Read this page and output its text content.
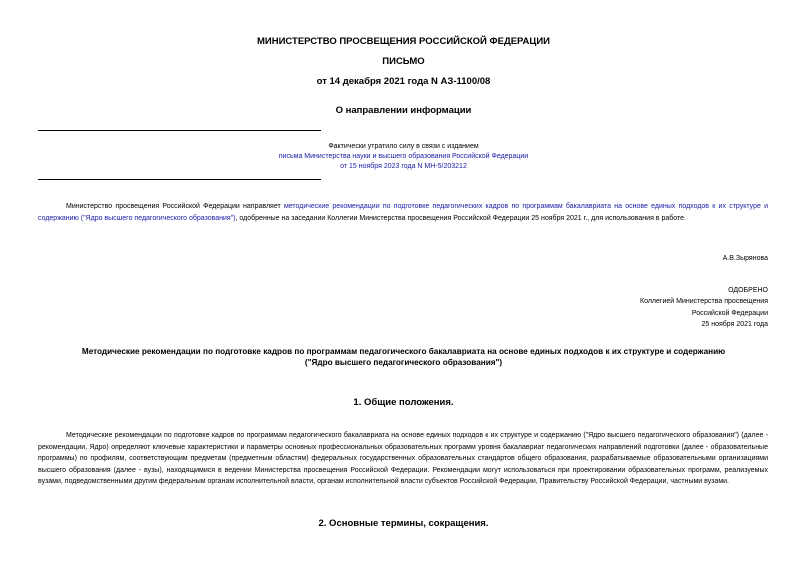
МИНИСТЕРСТВО ПРОСВЕЩЕНИЯ РОССИЙСКОЙ ФЕДЕРАЦИИ
ПИСЬМО
от 14 декабря 2021 года N АЗ-1100/08
О направлении информации
Фактически утратило силу в связи с изданием
письма Министерства науки и высшего образования Российской Федерации
от 15 ноября 2023 года N МН-5/203212
Министерство просвещения Российской Федерации направляет методические рекомендации по подготовке педагогических кадров по программам бакалавриата на основе единых подходов к их структуре и содержанию ("Ядро высшего педагогического образования"), одобренные на заседании Коллегии Министерства просвещения Российской Федерации 25 ноября 2021 г., для использования в работе.
А.В.Зырянова
ОДОБРЕНО
Коллегией Министерства просвещения
Российской Федерации
25 ноября 2021 года
Методические рекомендации по подготовке кадров по программам педагогического бакалавриата на основе единых подходов к их структуре и содержанию
("Ядро высшего педагогического образования")
1. Общие положения.
Методические рекомендации по подготовке кадров по программам педагогического бакалавриата на основе единых подходов к их структуре и содержанию ("Ядро высшего педагогического образования") (далее - рекомендации, Ядро) определяют ключевые характеристики и параметры основных профессиональных образовательных программ уровня бакалавриат педагогических направлений подготовки (далее - образовательные программы) по профилям, соответствующим предметам (предметным областям) федеральных государственных образовательных стандартов общего образования, разрабатываемые образовательными организациями высшего образования (далее - вузы), находящимися в ведении Министерства просвещения Российской Федерации. Рекомендации могут использоваться при проектировании образовательных программ, реализуемых вузами, подведомственными другим федеральным органам исполнительной власти, органам исполнительной власти субъектов Российской Федерации, Правительству Российской Федерации, частными вузами.
2. Основные термины, сокращения.
